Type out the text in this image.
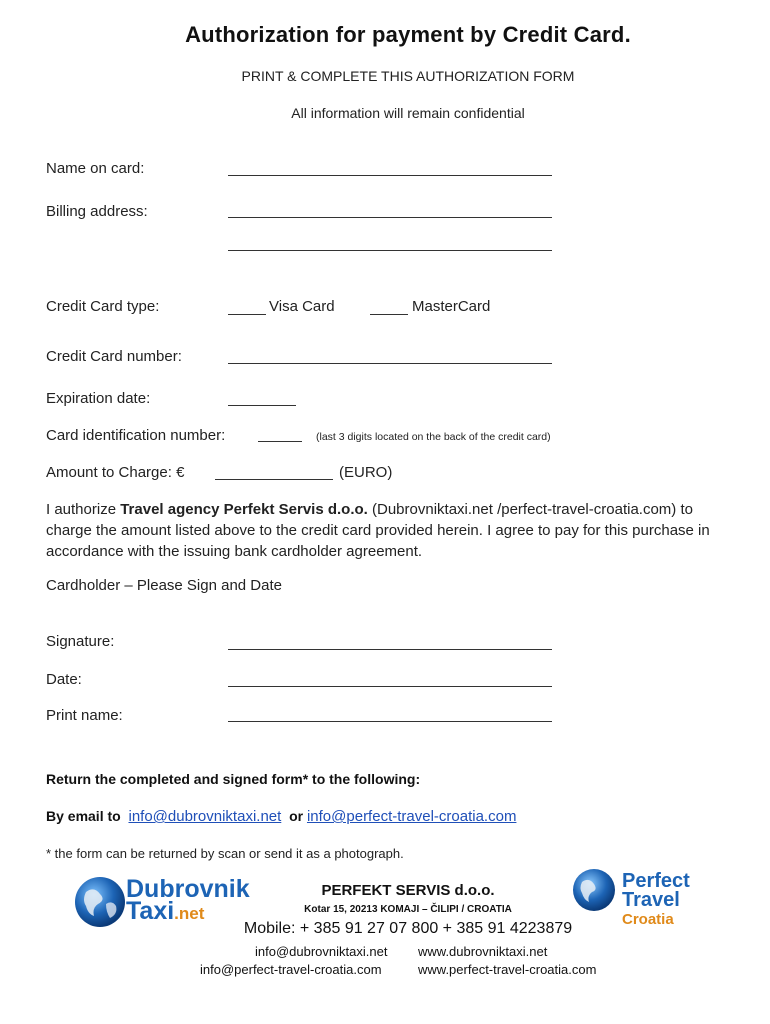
Authorization for payment by Credit Card.
PRINT & COMPLETE THIS AUTHORIZATION FORM
All information will remain confidential
Name on card:
Billing address:
Credit Card type:	Visa Card	MasterCard
Credit Card number:
Expiration date:
Card identification number:	(last 3 digits located on the back of the credit card)
Amount to Charge: €	(EURO)
I authorize Travel agency Perfekt Servis d.o.o. (Dubrovniktaxi.net /perfect-travel-croatia.com) to charge the amount listed above to the credit card provided herein. I agree to pay for this purchase in accordance with the issuing bank cardholder agreement.
Cardholder – Please Sign and Date
Signature:
Date:
Print name:
Return the completed and signed form* to the following:
By email to info@dubrovniktaxi.net or info@perfect-travel-croatia.com
* the form can be returned by scan or send it as a photograph.
Dubrovnik
Taxi.net
Perfect Travel
Croatia
PERFEKT SERVIS d.o.o.
Kotar 15, 20213 KOMAJI – ČILIPI / CROATIA
Mobile: + 385 91 27 07 800 + 385 91 4223879
info@dubrovniktaxi.net www.dubrovniktaxi.net
info@perfect-travel-croatia.com	www.perfect-travel-croatia.com
